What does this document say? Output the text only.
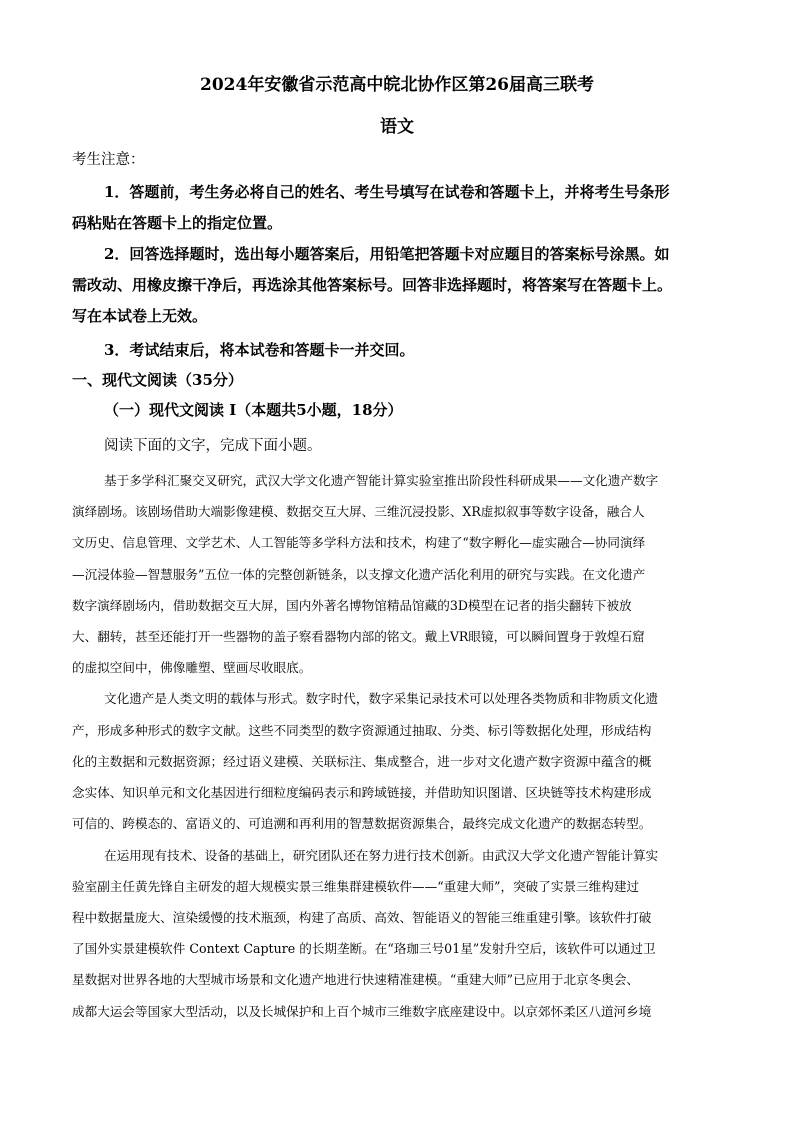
2024年安徽省示范高中皖北协作区第26届高三联考
语文
考生注意：
1．答题前，考生务必将自己的姓名、考生号填写在试卷和答题卡上，并将考生号条形
码粘贴在答题卡上的指定位置。
2．回答选择题时，选出每小题答案后，用铅笔把答题卡对应题目的答案标号涂黑。如
需改动、用橡皮擦干净后，再选涂其他答案标号。回答非选择题时，将答案写在答题卡上。
写在本试卷上无效。
3．考试结束后，将本试卷和答题卡一并交回。
一、现代文阅读（35分）
（一）现代文阅读 I（本题共5小题，18分）
阅读下面的文字，完成下面小题。
基于多学科汇聚交叉研究，武汉大学文化遗产智能计算实验室推出阶段性科研成果——文化遗产数字
演绎剧场。该剧场借助大端影像建模、数据交互大屏、三维沉浸投影、XR虚拟叙事等数字设备，融合人
文历史、信息管理、文学艺术、人工智能等多学科方法和技术，构建了“数字孵化—虚实融合—协同演绎
—沉浸体验—智慧服务”五位一体的完整创新链条，以支撑文化遗产活化利用的研究与实践。在文化遗产
数字演绎剧场内，借助数据交互大屏，国内外著名博物馆精品馆藏的3D模型在记者的指尖翻转下被放
大、翻转，甚至还能打开一些器物的盖子察看器物内部的铭文。戴上VR眼镜，可以瞬间置身于敦煌石窟
的虚拟空间中，佛像雕塑、壁画尽收眼底。
文化遗产是人类文明的载体与形式。数字时代，数字采集记录技术可以处理各类物质和非物质文化遗
产，形成多种形式的数字文献。这些不同类型的数字资源通过抽取、分类、标引等数据化处理，形成结构
化的主数据和元数据资源；经过语义建模、关联标注、集成整合，进一步对文化遗产数字资源中蕴含的概
念实体、知识单元和文化基因进行细粒度编码表示和跨域链接，并借助知识图谱、区块链等技术构建形成
可信的、跨模态的、富语义的、可追溯和再利用的智慧数据资源集合，最终完成文化遗产的数据态转型。
在运用现有技术、设备的基础上，研究团队还在努力进行技术创新。由武汉大学文化遗产智能计算实
验室副主任黄先锋自主研发的超大规模实景三维集群建模软件——“重建大师”，突破了实景三维构建过
程中数据量庞大、渲染缓慢的技术瓶颈，构建了高质、高效、智能语义的智能三维重建引擎。该软件打破
了国外实景建模软件 Context Capture 的长期垄断。在“珞珈三号01星”发射升空后，该软件可以通过卫
星数据对世界各地的大型城市场景和文化遗产地进行快速精准建模。“重建大师”已应用于北京冬奥会、
成都大运会等国家大型活动，以及长城保护和上百个城市三维数字底座建设中。以京郊怀柔区八道河乡境
